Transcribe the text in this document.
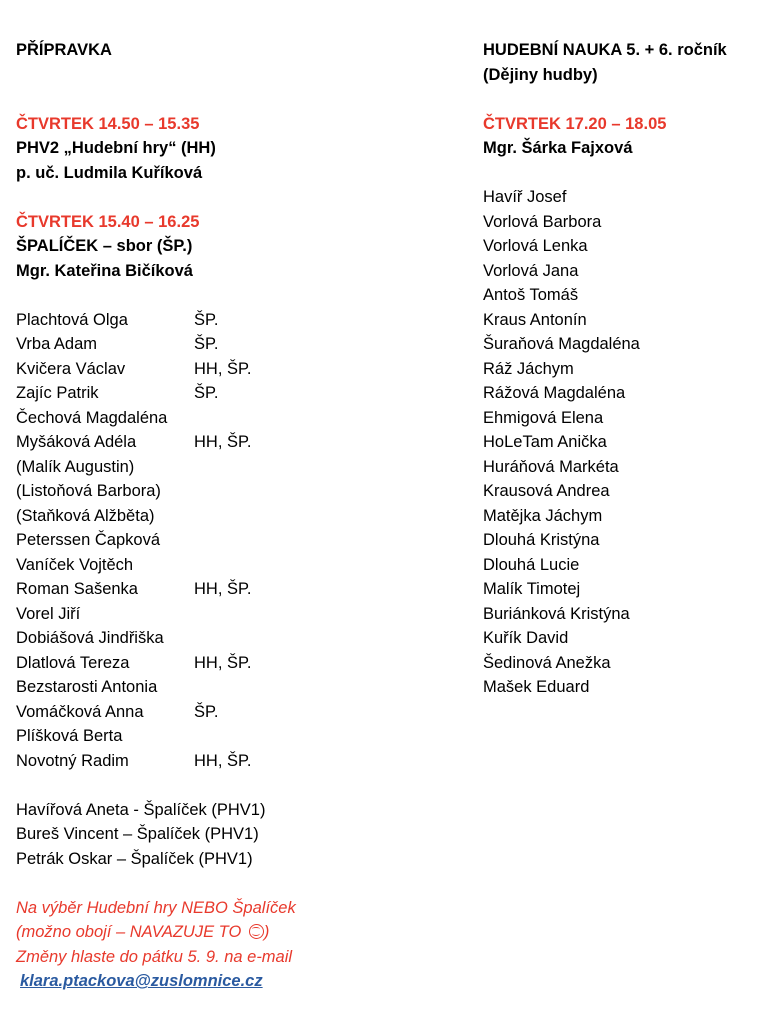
PŘÍPRAVKA
ČTVRTEK 14.50 – 15.35
PHV2 „Hudební hry“ (HH)
p. uč. Ludmila Kuříková
ČTVRTEK 15.40 – 16.25
ŠPALÍČEK – sbor (ŠP.)
Mgr. Kateřina Bičíková
Plachtová Olga	ŠP.
Vrba Adam	ŠP.
Kvičera Václav	HH, ŠP.
Zajíc Patrik	ŠP.
Čechová Magdaléna
Myšáková Adéla	HH, ŠP.
(Malík Augustin)
(Listoňová Barbora)
(Staňková Alžběta)
Peterssen Čapková
Vaníček Vojtěch
Roman Sašenka	HH, ŠP.
Vorel Jiří
Dobiášová Jindřiška
Dlatlová Tereza	HH, ŠP.
Bezstarosti Antonia
Vomáčková Anna	ŠP.
Plíšková Berta
Novotný Radim	HH, ŠP.
Havířová Aneta - Špalíček (PHV1)
Bureš Vincent – Špalíček (PHV1)
Petrák Oskar – Špalíček (PHV1)
Na výběr Hudební hry NEBO Špalíček
(možno obojí – NAVAZUJE TO )
Změny hlaste do pátku 5. 9. na e-mail
klara.ptackova@zuslomnice.cz
HUDEBNÍ NAUKA 5. + 6. ročník
(Dějiny hudby)
ČTVRTEK 17.20 – 18.05
Mgr. Šárka Fajxová
Havíř Josef
Vorlová Barbora
Vorlová Lenka
Vorlová Jana
Antoš Tomáš
Kraus Antonín
Šuraňová Magdaléna
Ráž Jáchym
Rážová Magdaléna
Ehmigová Elena
HoLeTam Anička
Huráňová Markéta
Krausová Andrea
Matějka Jáchym
Dlouhá Kristýna
Dlouhá Lucie
Malík Timotej
Buriánková Kristýna
Kuřík David
Šedinová Anežka
Mašek Eduard
